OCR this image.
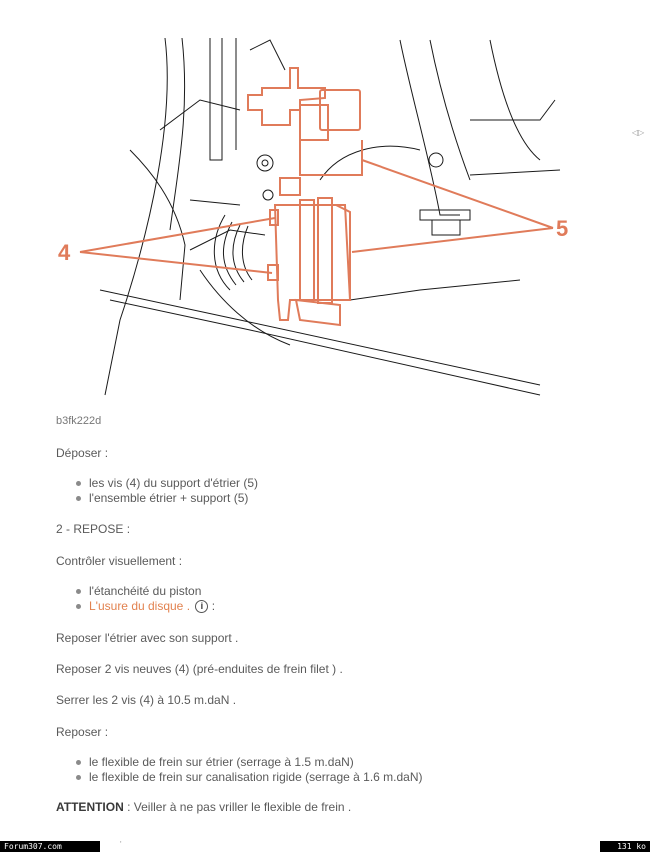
4
5
◁▷
b3fk222d
Déposer :
les vis (4) du support d'étrier (5)
l'ensemble étrier + support (5)
2 - REPOSE :
Contrôler visuellement :
l'étanchéité du piston
L'usure du disque . i :
Reposer l'étrier avec son support .
Reposer 2 vis neuves (4) (pré-enduites de frein filet ) .
Serrer les 2 vis (4) à 10.5 m.daN .
Reposer :
le flexible de frein sur étrier (serrage à 1.5 m.daN)
le flexible de frein sur canalisation rigide (serrage à 1.6 m.daN)
ATTENTION : Veiller à ne pas vriller le flexible de frein .
Forum307.com	'	131 ko
